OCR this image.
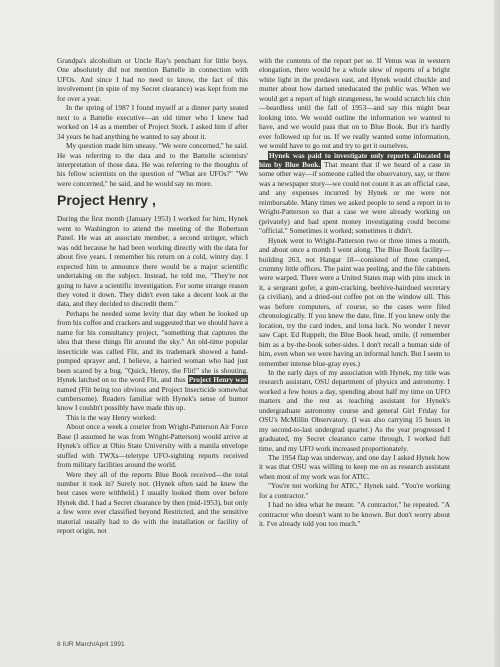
Grandpa's alcoholism or Uncle Ray's penchant for little boys. One absolutely did not mention Battelle in connection with UFOs. And since I had no need to know, the fact of this involvement (in spite of my Secret clearance) was kept from me for over a year.

In the spring of 1987 I found myself at a dinner party seated next to a Battelle executive—an old timer who I knew had worked on 14 as a member of Project Stork. I asked him if after 34 years he had anything he wanted to say about it.

My question made him uneasy. "We were concerned," he said. He was referring to the data and to the Battelle scientists' interpretation of those data. He was referring to the thoughts of his fellow scientists on the question of "What are UFOs?" "We were concerned," he said, and he would say no more.

Project Henry ,

During the first month (January 1953) I worked for him, Hynek went to Washington to attend the meeting of the Robertson Panel. He was an associate member, a second stringer, which was odd because he had been working directly with the data for about five years. I remember his return on a cold, wintry day. I expected him to announce there would be a major scientific undertaking on the subject. Instead, he told me, "They're not going to have a scientific investigation. For some strange reason they voted it down. They didn't even take a decent look at the data, and they decided to discredit them."

Perhaps he needed some levity that day when he looked up from his coffee and crackers and suggested that we should have a name for his consultancy project, "something that captures the idea that these things flit around the sky." An old-time popular insecticide was called Flit, and its trademark showed a hand-pumped sprayer and, I believe, a harried woman who had just been scared by a bug. "Quick, Henry, the Flit!" she is shouting. Hynek latched on to the word Flit, and thus Project Henry was named (Flit being too obvious and Project Insecticide somewhat cumbersome). Readers familiar with Hynek's sense of humor know I couldn't possibly have made this up.

This is the way Henry worked:

About once a week a courier from Wright-Patterson Air Force Base (I assumed he was from Wright-Patterson) would arrive at Hynek's office at Ohio State University with a manila envelope stuffed with TWXs—teletype UFO-sighting reports received from military facilities around the world.

Were they all of the reports Blue Book received—the total number it took in? Surely not. (Hynek often said he knew the best cases were withheld.) I usually looked them over before Hynek did. I had a Secret clearance by then (mid-1953), but only a few were ever classified beyond Restricted, and the sensitive material usually had to do with the installation or facility of report origin, not

with the contents of the report per se. If Venus was in western elongation, there would be a whole slew of reports of a bright white light in the predawn east, and Hynek would chuckle and mutter about how darned uneducated the public was. When we would get a report of high strangeness, he would scratch his chin—beardless until the fall of 1953—and say this might bear looking into. We would outline the information we wanted to have, and we would pass that on to Blue Book. But it's hardly ever followed up for us. If we really wanted some information, we would have to go out and try to get it ourselves.

Hynek was paid to investigate only reports allocated to him by Blue Book. That meant that if we heard of a case in some other way—if someone called the observatory, say, or there was a newspaper story—we could not count it as an official case, and any expenses incurred by Hynek or me were not reimbursable. Many times we asked people to send a report in to Wright-Patterson so that a case we were already working on (privately) and had spent money investigating could become "official." Sometimes it worked; sometimes it didn't.

Hynek went to Wright-Patterson two or three times a month, and about once a month I went along. The Blue Book facility—building 263, not Hangar 18—consisted of three cramped, crummy little offices. The paint was peeling, and the file cabinets were warped. There were a United States map with pins stuck in it, a sergeant gofer, a gum-cracking, beehive-hairdoed secretary (a civilian), and a dried-out coffee pot on the window sill. This was before computers, of course, so the cases were filed chronologically. If you knew the date, fine. If you knew only the location, try the card index, and lotsa luck. No wonder I never saw Capt. Ed Ruppelt, the Blue Book head, smile. (I remember him as a by-the-book sober-sides. I don't recall a human side of him, even when we were having an informal lunch. But I seem to remember intense blue-gray eyes.)

In the early days of my association with Hynek, my title was research assistant, OSU department of physics and astronomy. I worked a few hours a day, spending about half my time on UFO matters and the rest as teaching assistant for Hynek's undergraduate astronomy course and general Girl Friday for OSU's McMillin Observatory. (I was also carrying 15 hours in my second-to-last undergrad quarter.) As the year progressed I graduated, my Secret clearance came through, I worked full time, and my UFO work increased proportionately.

The 1954 flap was underway, and one day I asked Hynek how it was that OSU was willing to keep me on as research assistant when most of my work was for ATIC.

"You're not working for ATIC," Hynek said. "You're working for a contractor."

I had no idea what he meant. "A contractor," he repeated. "A contractor who doesn't want to be known. But don't worry about it. I've already told you too much."

8 IUR March/April 1991
